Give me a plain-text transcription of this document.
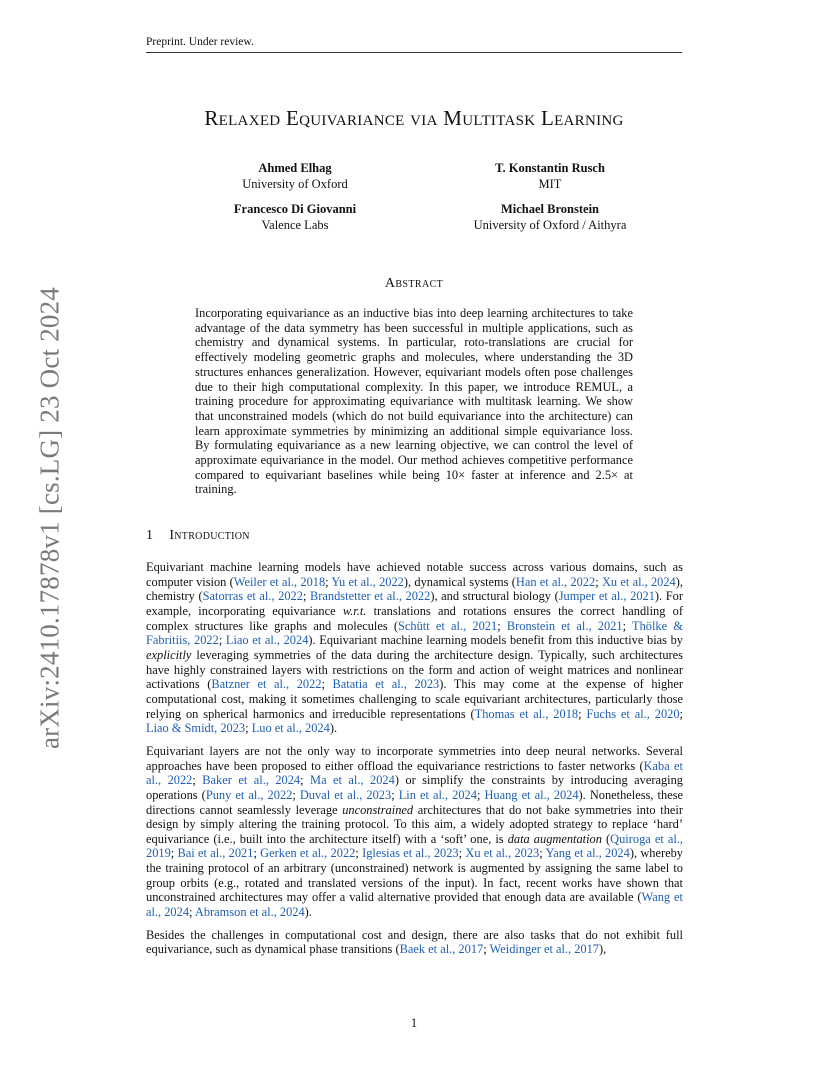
Preprint. Under review.
arXiv:2410.17878v1 [cs.LG] 23 Oct 2024
Relaxed Equivariance via Multitask Learning
Ahmed Elhag
University of Oxford
T. Konstantin Rusch
MIT
Francesco Di Giovanni
Valence Labs
Michael Bronstein
University of Oxford / Aithyra
Abstract
Incorporating equivariance as an inductive bias into deep learning architectures to take advantage of the data symmetry has been successful in multiple applications, such as chemistry and dynamical systems. In particular, roto-translations are crucial for effectively modeling geometric graphs and molecules, where understanding the 3D structures enhances generalization. However, equivariant models often pose challenges due to their high computational complexity. In this paper, we introduce REMUL, a training procedure for approximating equivariance with multitask learning. We show that unconstrained models (which do not build equivariance into the architecture) can learn approximate symmetries by minimizing an additional simple equivariance loss. By formulating equivariance as a new learning objective, we can control the level of approximate equivariance in the model. Our method achieves competitive performance compared to equivariant baselines while being 10× faster at inference and 2.5× at training.
1 Introduction

Equivariant machine learning models have achieved notable success across various domains, such as computer vision (Weiler et al., 2018; Yu et al., 2022), dynamical systems (Han et al., 2022; Xu et al., 2024), chemistry (Satorras et al., 2022; Brandstetter et al., 2022), and structural biology (Jumper et al., 2021). For example, incorporating equivariance w.r.t. translations and rotations ensures the correct handling of complex structures like graphs and molecules (Schütt et al., 2021; Bronstein et al., 2021; Thölke & Fabritiis, 2022; Liao et al., 2024). Equivariant machine learning models benefit from this inductive bias by explicitly leveraging symmetries of the data during the architecture design. Typically, such architectures have highly constrained layers with restrictions on the form and action of weight matrices and nonlinear activations (Batzner et al., 2022; Batatia et al., 2023). This may come at the expense of higher computational cost, making it sometimes challenging to scale equivariant architectures, particularly those relying on spherical harmonics and irreducible representations (Thomas et al., 2018; Fuchs et al., 2020; Liao & Smidt, 2023; Luo et al., 2024).

Equivariant layers are not the only way to incorporate symmetries into deep neural networks. Several approaches have been proposed to either offload the equivariance restrictions to faster networks (Kaba et al., 2022; Baker et al., 2024; Ma et al., 2024) or simplify the constraints by introducing averaging operations (Puny et al., 2022; Duval et al., 2023; Lin et al., 2024; Huang et al., 2024). Nonetheless, these directions cannot seamlessly leverage unconstrained architectures that do not bake symmetries into their design by simply altering the training protocol. To this aim, a widely adopted strategy to replace ‘hard’ equivariance (i.e., built into the architecture itself) with a ‘soft’ one, is data augmentation (Quiroga et al., 2019; Bai et al., 2021; Gerken et al., 2022; Iglesias et al., 2023; Xu et al., 2023; Yang et al., 2024), whereby the training protocol of an arbitrary (unconstrained) network is augmented by assigning the same label to group orbits (e.g., rotated and translated versions of the input). In fact, recent works have shown that unconstrained architectures may offer a valid alternative provided that enough data are available (Wang et al., 2024; Abramson et al., 2024).

Besides the challenges in computational cost and design, there are also tasks that do not exhibit full equivariance, such as dynamical phase transitions (Baek et al., 2017; Weidinger et al., 2017),

1
